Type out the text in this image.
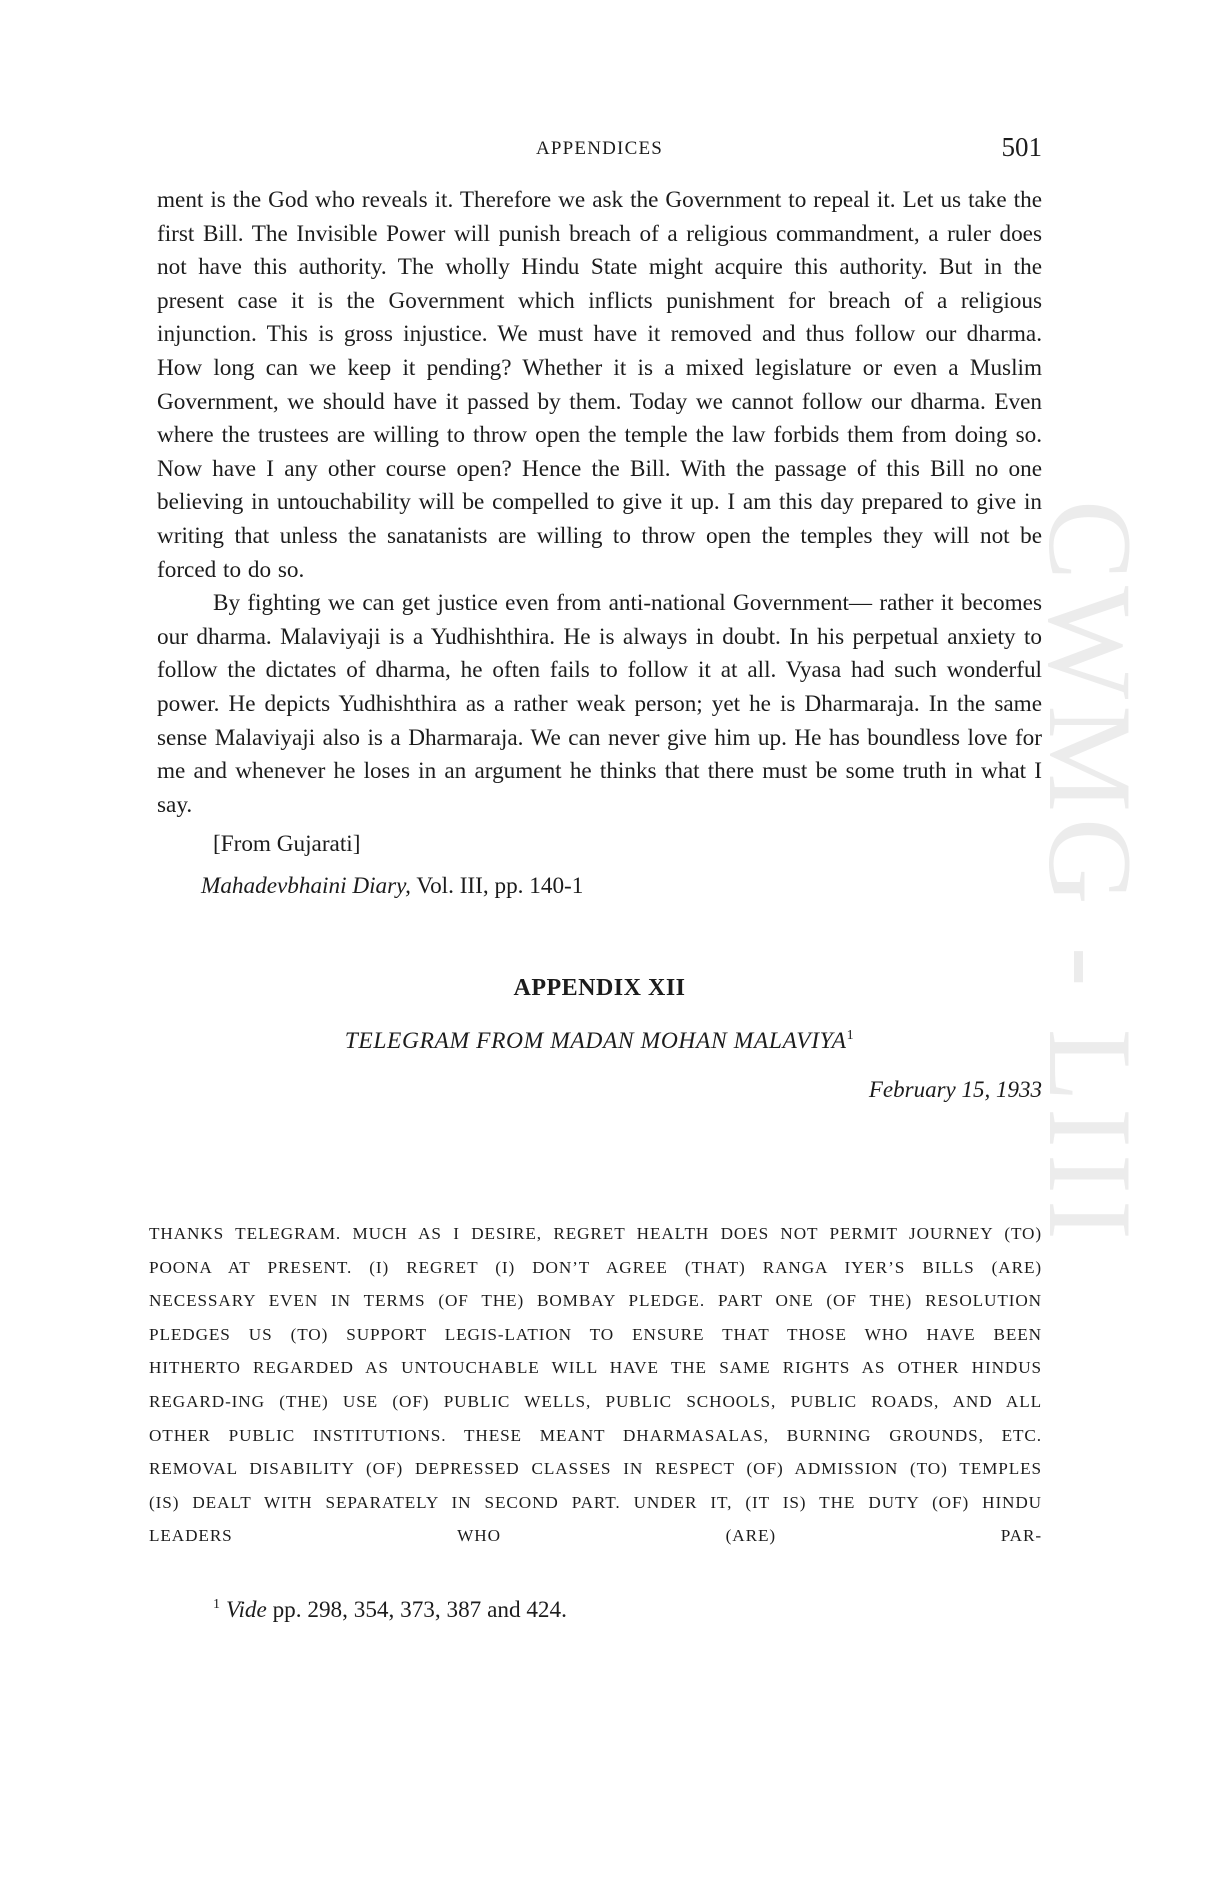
CWMG - LIII
APPENDICES	501

ment is the God who reveals it. Therefore we ask the Government to repeal it. Let us take the first Bill. The Invisible Power will punish breach of a religious commandment, a ruler does not have this authority. The wholly Hindu State might acquire this authority. But in the present case it is the Government which inflicts punishment for breach of a religious injunction. This is gross injustice. We must have it removed and thus follow our dharma. How long can we keep it pending? Whether it is a mixed legislature or even a Muslim Government, we should have it passed by them. Today we cannot follow our dharma. Even where the trustees are willing to throw open the temple the law forbids them from doing so. Now have I any other course open? Hence the Bill. With the passage of this Bill no one believing in untouchability will be compelled to give it up. I am this day prepared to give in writing that unless the sanatanists are willing to throw open the temples they will not be forced to do so.

By fighting we can get justice even from anti-national Government— rather it becomes our dharma. Malaviyaji is a Yudhishthira. He is always in doubt. In his perpetual anxiety to follow the dictates of dharma, he often fails to follow it at all. Vyasa had such wonderful power. He depicts Yudhishthira as a rather weak person; yet he is Dharmaraja. In the same sense Malaviyaji also is a Dharmaraja. We can never give him up. He has boundless love for me and whenever he loses in an argument he thinks that there must be some truth in what I say.

[From Gujarati]
Mahadevbhaini Diary, Vol. III, pp. 140-1
APPENDIX XII
TELEGRAM FROM MADAN MOHAN MALAVIYA$^1$
February 15, 1933

THANKS TELEGRAM. MUCH AS I DESIRE, REGRET HEALTH DOES NOT PERMIT JOURNEY (TO) POONA AT PRESENT. (I) REGRET (I) DON’T AGREE (THAT) RANGA IYER’S BILLS (ARE) NECESSARY EVEN IN TERMS (OF THE) BOMBAY PLEDGE. PART ONE (OF THE) RESOLUTION PLEDGES US (TO) SUPPORT LEGIS-LATION TO ENSURE THAT THOSE WHO HAVE BEEN HITHERTO REGARDED AS UNTOUCHABLE WILL HAVE THE SAME RIGHTS AS OTHER HINDUS REGARD-ING (THE) USE (OF) PUBLIC WELLS, PUBLIC SCHOOLS, PUBLIC ROADS, AND ALL OTHER PUBLIC INSTITUTIONS. THESE MEANT DHARMASALAS, BURNING GROUNDS, ETC. REMOVAL DISABILITY (OF) DEPRESSED CLASSES IN RESPECT (OF) ADMISSION (TO) TEMPLES (IS) DEALT WITH SEPARATELY IN SECOND PART. UNDER IT, (IT IS) THE DUTY (OF) HINDU LEADERS WHO (ARE) PAR-

$^1$ Vide pp. 298, 354, 373, 387 and 424.
